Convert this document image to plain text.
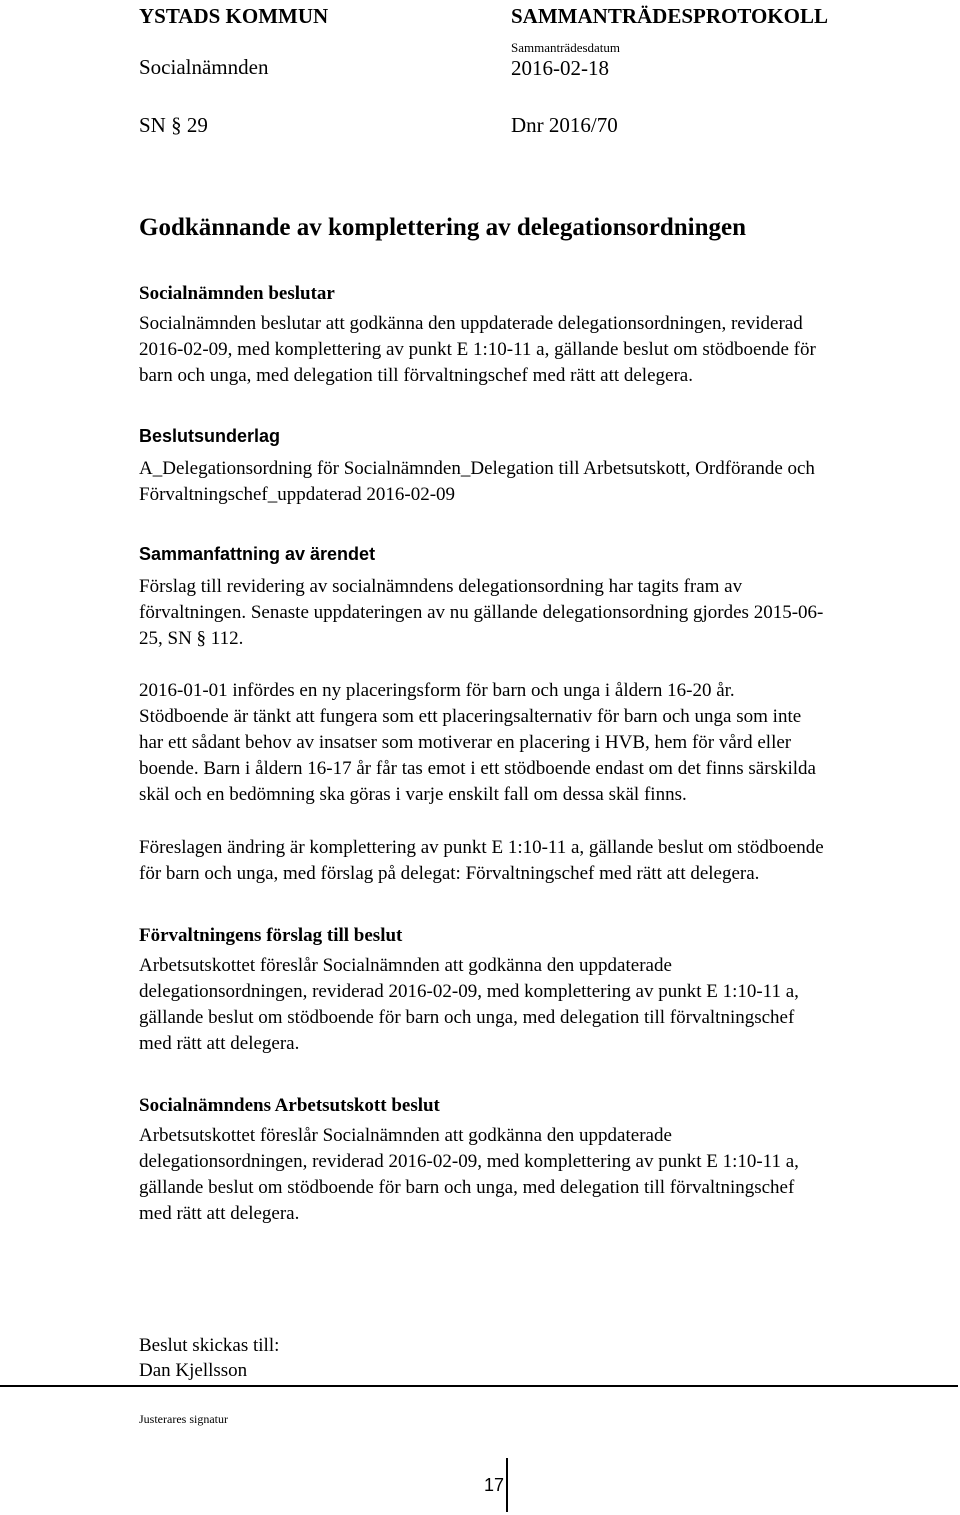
YSTADS KOMMUN	SAMMANTRÄDESPROTOKOLL
Socialnämnden
Sammanträdesdatum
2016-02-18
SN § 29	Dnr 2016/70
Godkännande av komplettering av delegationsordningen
Socialnämnden beslutar
Socialnämnden beslutar att godkänna den uppdaterade delegationsordningen, reviderad
2016-02-09, med komplettering av punkt E 1:10-11 a, gällande beslut om stödboende för
barn och unga, med delegation till förvaltningschef med rätt att delegera.
Beslutsunderlag
A_Delegationsordning för Socialnämnden_Delegation till Arbetsutskott, Ordförande och
Förvaltningschef_uppdaterad 2016-02-09
Sammanfattning av ärendet
Förslag till revidering av socialnämndens delegationsordning har tagits fram av
förvaltningen. Senaste uppdateringen av nu gällande delegationsordning gjordes 2015-06-
25, SN § 112.
2016-01-01 infördes en ny placeringsform för barn och unga i åldern 16-20 år.
Stödboende är tänkt att fungera som ett placeringsalternativ för barn och unga som inte
har ett sådant behov av insatser som motiverar en placering i HVB, hem för vård eller
boende. Barn i åldern 16-17 år får tas emot i ett stödboende endast om det finns särskilda
skäl och en bedömning ska göras i varje enskilt fall om dessa skäl finns.
Föreslagen ändring är komplettering av punkt E 1:10-11 a, gällande beslut om stödboende
för barn och unga, med förslag på delegat: Förvaltningschef med rätt att delegera.
Förvaltningens förslag till beslut
Arbetsutskottet föreslår Socialnämnden att godkänna den uppdaterade
delegationsordningen, reviderad 2016-02-09, med komplettering av punkt E 1:10-11 a,
gällande beslut om stödboende för barn och unga, med delegation till förvaltningschef
med rätt att delegera.
Socialnämndens Arbetsutskott beslut
Arbetsutskottet föreslår Socialnämnden att godkänna den uppdaterade
delegationsordningen, reviderad 2016-02-09, med komplettering av punkt E 1:10-11 a,
gällande beslut om stödboende för barn och unga, med delegation till förvaltningschef
med rätt att delegera.
Beslut skickas till:
Dan Kjellsson
Justerares signatur
17
